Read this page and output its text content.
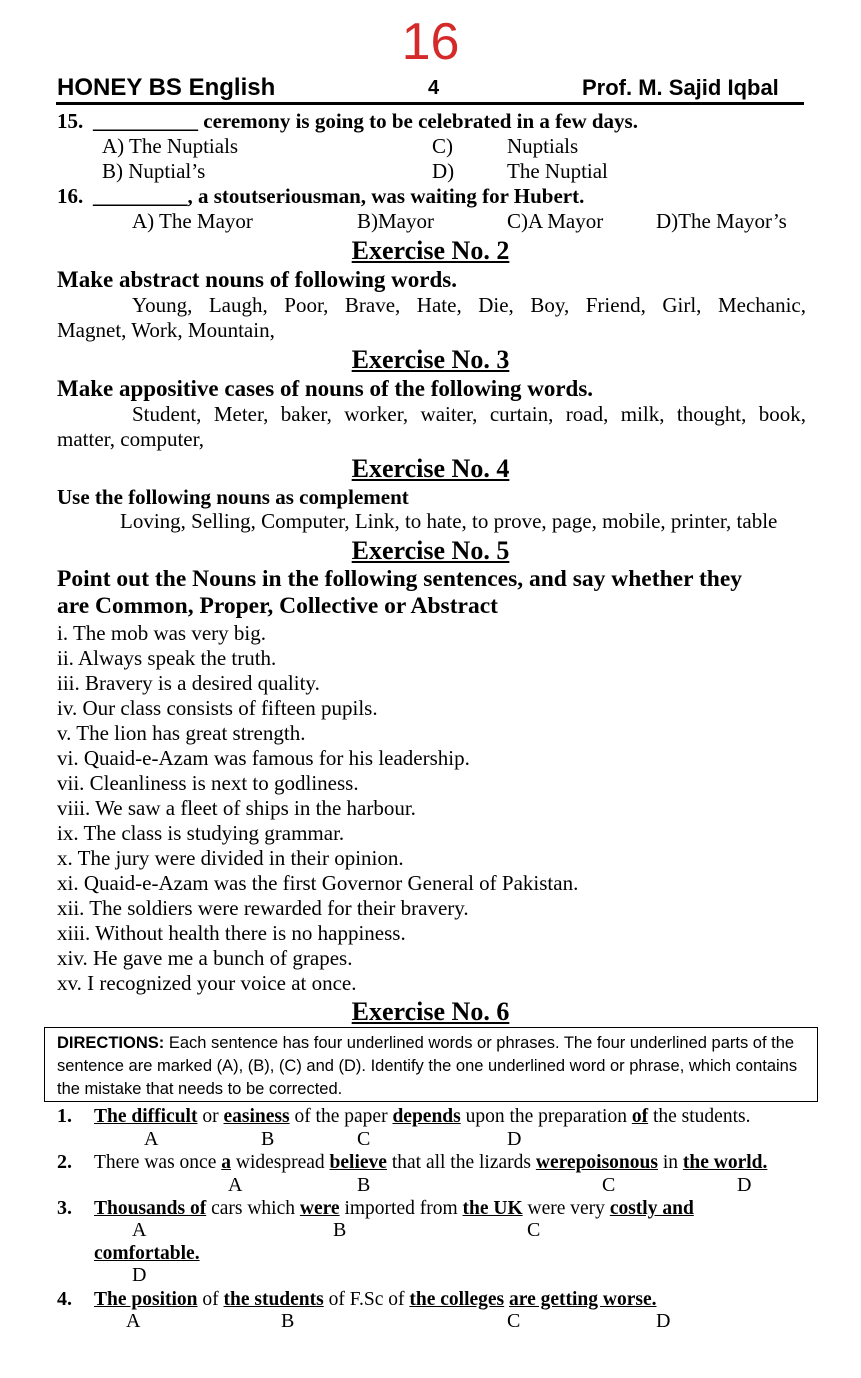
16
HONEY BS English	4	Prof. M. Sajid Iqbal
15. __________ ceremony is going to be celebrated in a few days.
A) The Nuptials	C)	Nuptials
B) Nuptial’s	D)	The Nuptial
16. _________, a stoutseriousman, was waiting for Hubert.
A) The Mayor	B)Mayor	C)A Mayor	D)The Mayor’s
Exercise No. 2
Make abstract nouns of following words.
Young, Laugh, Poor, Brave, Hate, Die, Boy, Friend, Girl, Mechanic,
Magnet, Work, Mountain,
Exercise No. 3
Make appositive cases of nouns of the following words.
Student, Meter, baker, worker, waiter, curtain, road, milk, thought, book,
matter, computer,
Exercise No. 4
Use the following nouns as complement
Loving, Selling, Computer, Link, to hate, to prove, page, mobile, printer, table
Exercise No. 5
Point out the Nouns in the following sentences, and say whether they
are Common, Proper, Collective or Abstract
i. The mob was very big.
ii. Always speak the truth.
iii. Bravery is a desired quality.
iv. Our class consists of fifteen pupils.
v. The lion has great strength.
vi. Quaid-e-Azam was famous for his leadership.
vii. Cleanliness is next to godliness.
viii. We saw a fleet of ships in the harbour.
ix. The class is studying grammar.
x. The jury were divided in their opinion.
xi. Quaid-e-Azam was the first Governor General of Pakistan.
xii. The soldiers were rewarded for their bravery.
xiii. Without health there is no happiness.
xiv. He gave me a bunch of grapes.
xv. I recognized your voice at once.
Exercise No. 6
DIRECTIONS: Each sentence has four underlined words or phrases. The four underlined parts of the sentence are marked (A), (B), (C) and (D). Identify the one underlined word or phrase, which contains the mistake that needs to be corrected.
1. The difficult or easiness of the paper depends upon the preparation of the students.
A	B	C	D
2. There was once a widespread believe that all the lizards werepoisonous in the world.
A	B	C	D
3. Thousands of cars which were imported from the UK were very costly and
A	B	C
comfortable.
D
4. The position of the students of F.Sc of the colleges are getting worse.
A	B	C	D
